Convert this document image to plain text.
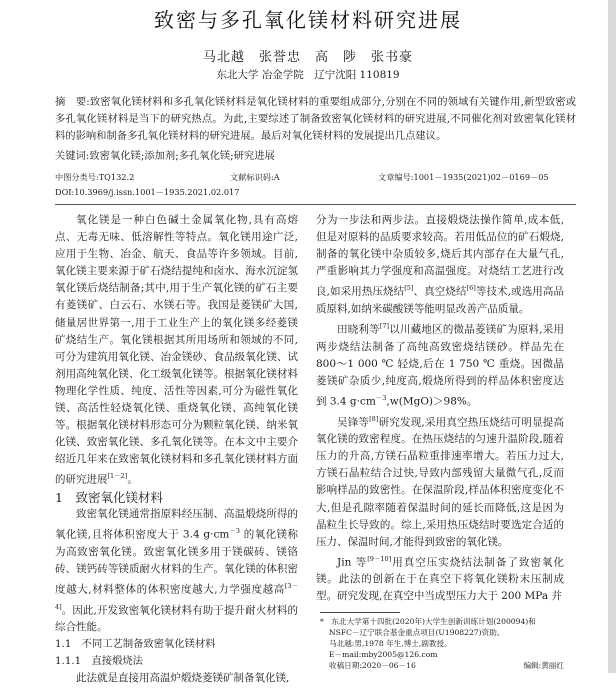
致密与多孔氧化镁材料研究进展
马北越　张誉忠　高　陟　张书豪
东北大学 冶金学院　辽宁沈阳 110819
摘　要:致密氧化镁材料和多孔氧化镁材料是氧化镁材料的重要组成部分,分别在不同的领域有关键作用,新型致密或多孔氧化镁材料是当下的研究热点。为此,主要综述了制备致密氧化镁材料的研究进展,不同催化剂对致密氧化镁材料的影响和制备多孔氧化镁材料的研究进展。最后对氧化镁材料的发展提出几点建议。
关键词:致密氧化镁;添加剂;多孔氧化镁;研究进展
中图分类号:TQ132.2	文献标识码:A	文章编号:1001－1935(2021)02－0169－05
DOI:10.3969/j.issn.1001－1935.2021.02.017

氧化镁是一种白色碱土金属氧化物,具有高熔点、无毒无味、低溶解性等特点。氧化镁用途广泛,应用于生物、冶金、航天、食品等许多领域。目前,氧化镁主要来源于矿石烧结提纯和卤水、海水沉淀氢氧化镁后烧结制备;其中,用于生产氧化镁的矿石主要有菱镁矿、白云石、水镁石等。我国是菱镁矿大国,储量居世界第一,用于工业生产上的氧化镁多经菱镁矿烧结生产。氧化镁根据其所用场所和领域的不同,可分为建筑用氧化镁、冶金镁砂、食品级氧化镁、试剂用高纯氧化镁、化工级氧化镁等。根据氧化镁材料物理化学性质、纯度、活性等因素,可分为磁性氧化镁、高活性轻烧氧化镁、重烧氧化镁、高纯氧化镁等。根据氧化镁材料形态可分为颗粒氧化镁、纳米氧化镁、致密氧化镁、多孔氧化镁等。在本文中主要介绍近几年来在致密氧化镁材料和多孔氧化镁材料方面的研究进展[1－2]。

1　致密氧化镁材料

致密氧化镁通常指原料经压制、高温煅烧所得的氧化镁,且将体积密度大于 3.4 $g\cdot cm^{-3}$ 的氧化镁称为高致密氧化镁。致密氧化镁多用于镁碳砖、镁铬砖、镁钙砖等镁质耐火材料的生产。氧化镁的体积密度越大,材料整体的体积密度越大,力学强度越高[3－4]。因此,开发致密氧化镁材料有助于提升耐火材料的综合性能。

1.1　不同工艺制备致密氧化镁材料

1.1.1　直接煅烧法

此法就是直接用高温炉煅烧菱镁矿制备氧化镁,

分为一步法和两步法。直接煅烧法操作简单,成本低,但是对原料的品质要求较高。若用低品位的矿石煅烧,制备的氧化镁中杂质较多,烧后其内部存在大量气孔,严重影响其力学强度和高温强度。对烧结工艺进行改良,如采用热压烧结[5]、真空烧结[6]等技术,或选用高品质原料,如纳米碳酸镁等能明显改善产品质量。

田晓利等[7]以川藏地区的微晶菱镁矿为原料,采用两步烧结法制备了高纯高致密烧结镁砂。样品先在 800～1 000 ℃ 轻烧,后在 1 750 ℃ 重烧。因微晶菱镁矿杂质少,纯度高,煅烧所得到的样品体积密度达到 3.4 $g\cdot cm^{-3},w(MgO)>98\%$。

吴锋等[8]研究发现,采用真空热压烧结可明显提高氧化镁的致密程度。在热压烧结的匀速升温阶段,随着压力的升高,方镁石晶粒重排速率增大。若压力过大,方镁石晶粒结合过快,导致内部残留大量微气孔,反而影响样品的致密性。在保温阶段,样品体积密度变化不大,但是孔隙率随着保温时间的延长而降低,这是因为晶粒生长导致的。综上,采用热压烧结时要选定合适的压力、保温时间,才能得到致密的氧化镁。

Jin 等[9－10]用真空压实烧结法制备了致密氧化镁。此法的创新在于在真空下将氧化镁粉末压制成型。研究发现,在真空中当成型压力大于 200 MPa 并

*　东北大学第十四批(2020年)大学生创新训练计划(200094)和
NSFC－辽宁联合基金重点项目(U1908227)资助。
马北越:男,1978 年生,博士,副教授。
E－mail:mby2005@126.com
收稿日期:2020－06－16	编辑:黄丽红
